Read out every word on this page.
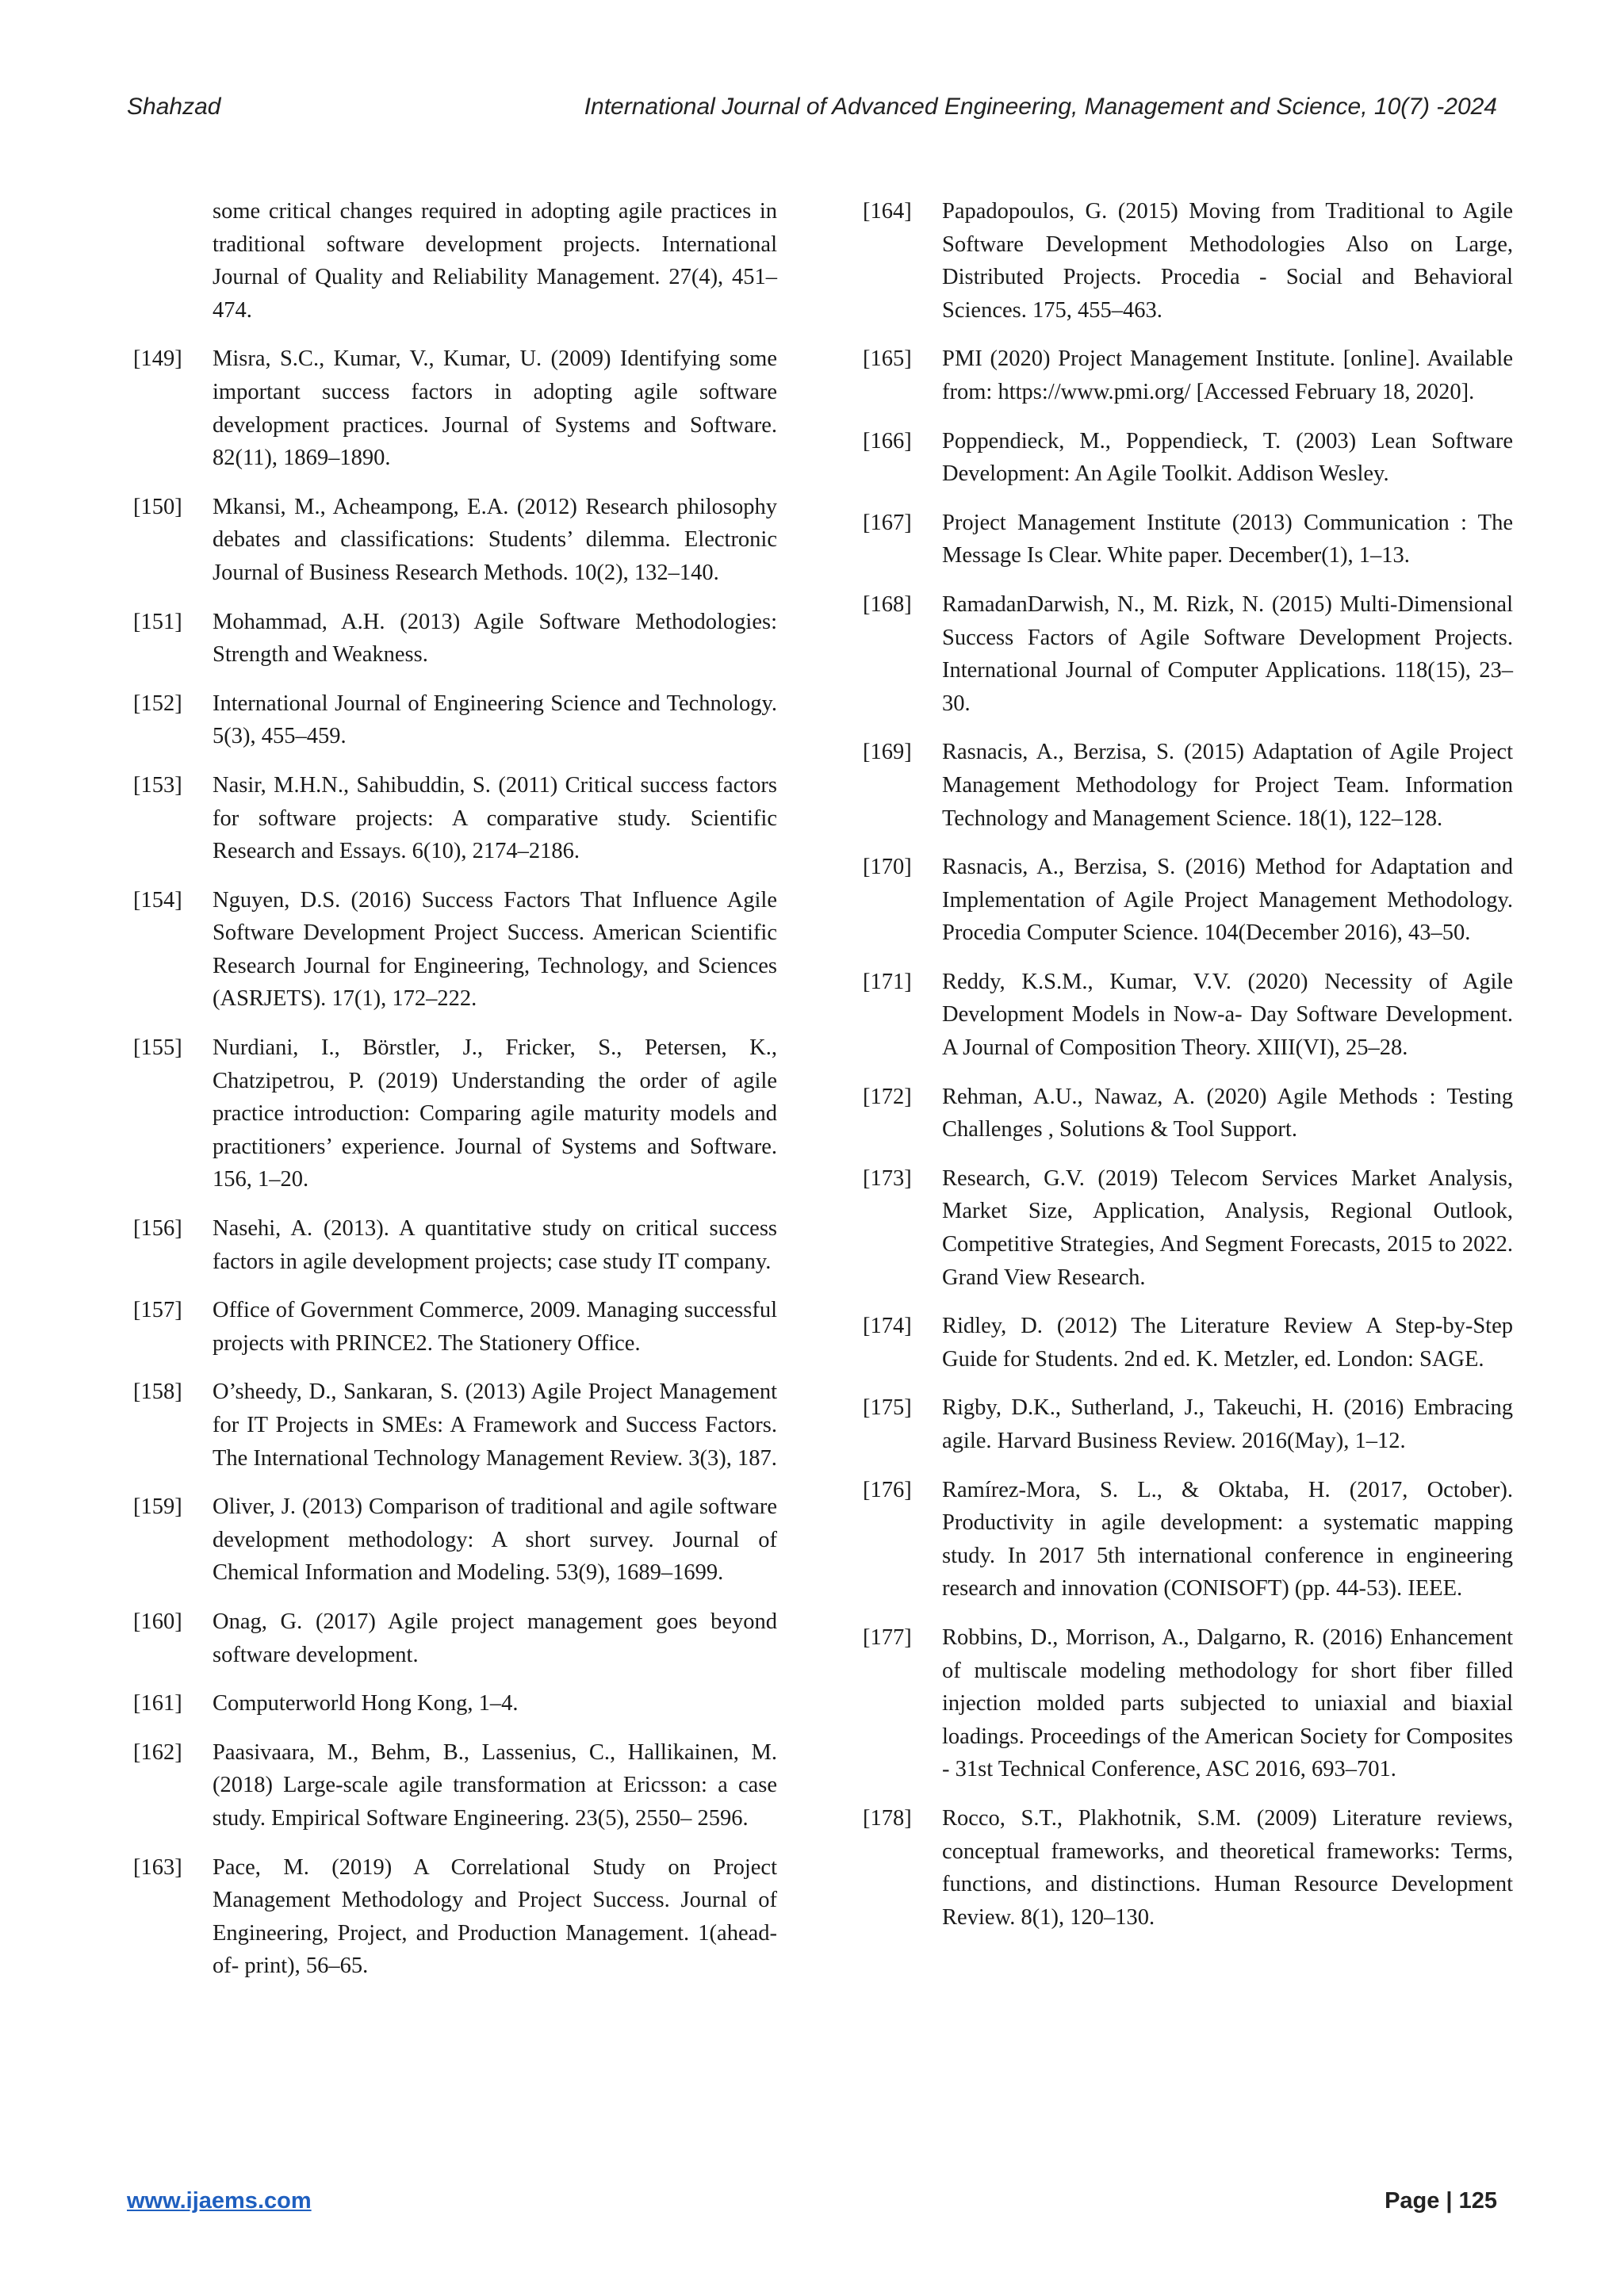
Shahzad	International Journal of Advanced Engineering, Management and Science, 10(7) -2024

some critical changes required in adopting agile practices in traditional software development projects. International Journal of Quality and Reliability Management. 27(4), 451–474.

[149] Misra, S.C., Kumar, V., Kumar, U. (2009) Identifying some important success factors in adopting agile software development practices. Journal of Systems and Software. 82(11), 1869–1890.

[150] Mkansi, M., Acheampong, E.A. (2012) Research philosophy debates and classifications: Students’ dilemma. Electronic Journal of Business Research Methods. 10(2), 132–140.

[151] Mohammad, A.H. (2013) Agile Software Methodologies: Strength and Weakness.

[152] International Journal of Engineering Science and Technology. 5(3), 455–459.

[153] Nasir, M.H.N., Sahibuddin, S. (2011) Critical success factors for software projects: A comparative study. Scientific Research and Essays. 6(10), 2174–2186.

[154] Nguyen, D.S. (2016) Success Factors That Influence Agile Software Development Project Success. American Scientific Research Journal for Engineering, Technology, and Sciences (ASRJETS). 17(1), 172–222.

[155] Nurdiani, I., Börstler, J., Fricker, S., Petersen, K., Chatzipetrou, P. (2019) Understanding the order of agile practice introduction: Comparing agile maturity models and practitioners’ experience. Journal of Systems and Software. 156, 1–20.

[156] Nasehi, A. (2013). A quantitative study on critical success factors in agile development projects; case study IT company.

[157] Office of Government Commerce, 2009. Managing successful projects with PRINCE2. The Stationery Office.

[158] O’sheedy, D., Sankaran, S. (2013) Agile Project Management for IT Projects in SMEs: A Framework and Success Factors. The International Technology Management Review. 3(3), 187.

[159] Oliver, J. (2013) Comparison of traditional and agile software development methodology: A short survey. Journal of Chemical Information and Modeling. 53(9), 1689–1699.

[160] Onag, G. (2017) Agile project management goes beyond software development.

[161] Computerworld Hong Kong, 1–4.

[162] Paasivaara, M., Behm, B., Lassenius, C., Hallikainen, M. (2018) Large-scale agile transformation at Ericsson: a case study. Empirical Software Engineering. 23(5), 2550– 2596.

[163] Pace, M. (2019) A Correlational Study on Project Management Methodology and Project Success. Journal of Engineering, Project, and Production Management. 1(ahead-of- print), 56–65.

[164] Papadopoulos, G. (2015) Moving from Traditional to Agile Software Development Methodologies Also on Large, Distributed Projects. Procedia - Social and Behavioral Sciences. 175, 455–463.

[165] PMI (2020) Project Management Institute. [online]. Available from: https://www.pmi.org/ [Accessed February 18, 2020].

[166] Poppendieck, M., Poppendieck, T. (2003) Lean Software Development: An Agile Toolkit. Addison Wesley.

[167] Project Management Institute (2013) Communication : The Message Is Clear. White paper. December(1), 1–13.

[168] RamadanDarwish, N., M. Rizk, N. (2015) Multi-Dimensional Success Factors of Agile Software Development Projects. International Journal of Computer Applications. 118(15), 23–30.

[169] Rasnacis, A., Berzisa, S. (2015) Adaptation of Agile Project Management Methodology for Project Team. Information Technology and Management Science. 18(1), 122–128.

[170] Rasnacis, A., Berzisa, S. (2016) Method for Adaptation and Implementation of Agile Project Management Methodology. Procedia Computer Science. 104(December 2016), 43–50.

[171] Reddy, K.S.M., Kumar, V.V. (2020) Necessity of Agile Development Models in Now-a- Day Software Development. A Journal of Composition Theory. XIII(VI), 25–28.

[172] Rehman, A.U., Nawaz, A. (2020) Agile Methods : Testing Challenges , Solutions & Tool Support.

[173] Research, G.V. (2019) Telecom Services Market Analysis, Market Size, Application, Analysis, Regional Outlook, Competitive Strategies, And Segment Forecasts, 2015 to 2022. Grand View Research.

[174] Ridley, D. (2012) The Literature Review A Step-by-Step Guide for Students. 2nd ed. K. Metzler, ed. London: SAGE.

[175] Rigby, D.K., Sutherland, J., Takeuchi, H. (2016) Embracing agile. Harvard Business Review. 2016(May), 1–12.

[176] Ramírez-Mora, S. L., & Oktaba, H. (2017, October). Productivity in agile development: a systematic mapping study. In 2017 5th international conference in engineering research and innovation (CONISOFT) (pp. 44-53). IEEE.

[177] Robbins, D., Morrison, A., Dalgarno, R. (2016) Enhancement of multiscale modeling methodology for short fiber filled injection molded parts subjected to uniaxial and biaxial loadings. Proceedings of the American Society for Composites - 31st Technical Conference, ASC 2016, 693–701.

[178] Rocco, S.T., Plakhotnik, S.M. (2009) Literature reviews, conceptual frameworks, and theoretical frameworks: Terms, functions, and distinctions. Human Resource Development Review. 8(1), 120–130.

www.ijaems.com	Page | 125
